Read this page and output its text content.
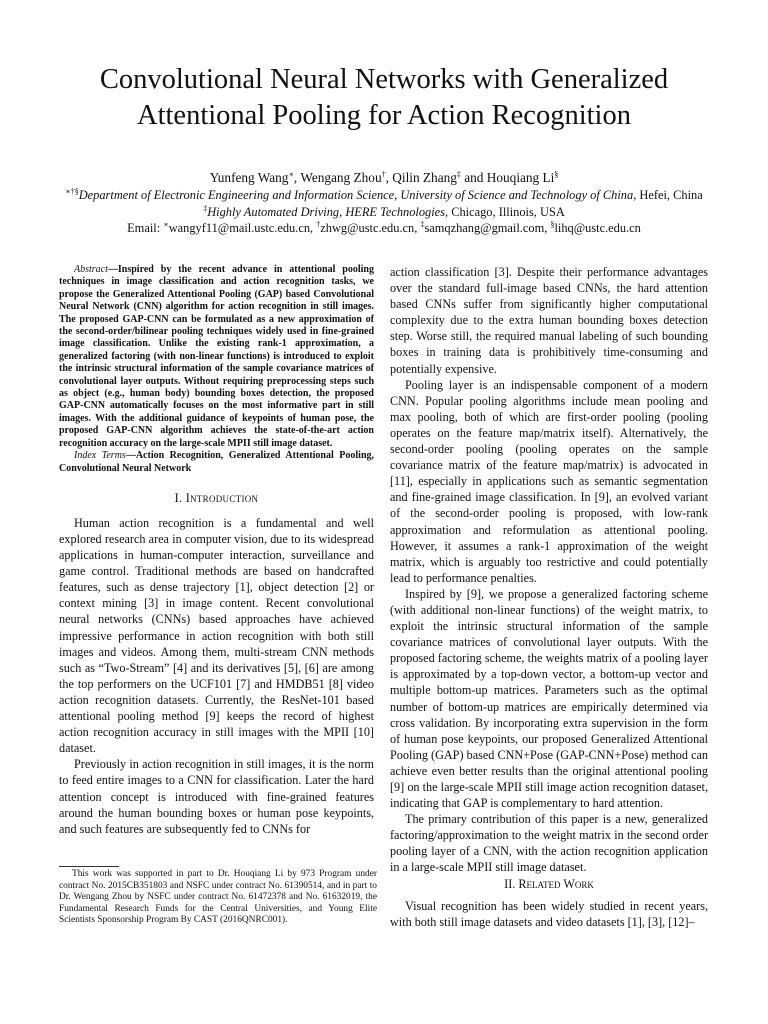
Convolutional Neural Networks with Generalized
Attentional Pooling for Action Recognition
Yunfeng Wang∗, Wengang Zhou†, Qilin Zhang‡ and Houqiang Li§
∗†§Department of Electronic Engineering and Information Science, University of Science and Technology of China, Hefei, China
‡Highly Automated Driving, HERE Technologies, Chicago, Illinois, USA
Email: ∗wangyf11@mail.ustc.edu.cn, †zhwg@ustc.edu.cn, ‡samqzhang@gmail.com, §lihq@ustc.edu.cn

Abstract—Inspired by the recent advance in attentional pooling techniques in image classification and action recognition tasks, we propose the Generalized Attentional Pooling (GAP) based Convolutional Neural Network (CNN) algorithm for action recognition in still images. The proposed GAP-CNN can be formulated as a new approximation of the second-order/bilinear pooling techniques widely used in fine-grained image classification. Unlike the existing rank-1 approximation, a generalized factoring (with non-linear functions) is introduced to exploit the intrinsic structural information of the sample covariance matrices of convolutional layer outputs. Without requiring preprocessing steps such as object (e.g., human body) bounding boxes detection, the proposed GAP-CNN automatically focuses on the most informative part in still images. With the additional guidance of keypoints of human pose, the proposed GAP-CNN algorithm achieves the state-of-the-art action recognition accuracy on the large-scale MPII still image dataset.

Index Terms—Action Recognition, Generalized Attentional Pooling, Convolutional Neural Network

I. Introduction

Human action recognition is a fundamental and well explored research area in computer vision, due to its widespread applications in human-computer interaction, surveillance and game control. Traditional methods are based on handcrafted features, such as dense trajectory [1], object detection [2] or context mining [3] in image content. Recent convolutional neural networks (CNNs) based approaches have achieved impressive performance in action recognition with both still images and videos. Among them, multi-stream CNN methods such as “Two-Stream” [4] and its derivatives [5], [6] are among the top performers on the UCF101 [7] and HMDB51 [8] video action recognition datasets. Currently, the ResNet-101 based attentional pooling method [9] keeps the record of highest action recognition accuracy in still images with the MPII [10] dataset.

Previously in action recognition in still images, it is the norm to feed entire images to a CNN for classification. Later the hard attention concept is introduced with fine-grained features around the human bounding boxes or human pose keypoints, and such features are subsequently fed to CNNs for

This work was supported in part to Dr. Houqiang Li by 973 Program under contract No. 2015CB351803 and NSFC under contract No. 61390514, and in part to Dr. Wengang Zhou by NSFC under contract No. 61472378 and No. 61632019, the Fundamental Research Funds for the Central Universities, and Young Elite Scientists Sponsorship Program By CAST (2016QNRC001).

action classification [3]. Despite their performance advantages over the standard full-image based CNNs, the hard attention based CNNs suffer from significantly higher computational complexity due to the extra human bounding boxes detection step. Worse still, the required manual labeling of such bounding boxes in training data is prohibitively time-consuming and potentially expensive.

Pooling layer is an indispensable component of a modern CNN. Popular pooling algorithms include mean pooling and max pooling, both of which are first-order pooling (pooling operates on the feature map/matrix itself). Alternatively, the second-order pooling (pooling operates on the sample covariance matrix of the feature map/matrix) is advocated in [11], especially in applications such as semantic segmentation and fine-grained image classification. In [9], an evolved variant of the second-order pooling is proposed, with low-rank approximation and reformulation as attentional pooling. However, it assumes a rank-1 approximation of the weight matrix, which is arguably too restrictive and could potentially lead to performance penalties.

Inspired by [9], we propose a generalized factoring scheme (with additional non-linear functions) of the weight matrix, to exploit the intrinsic structural information of the sample covariance matrices of convolutional layer outputs. With the proposed factoring scheme, the weights matrix of a pooling layer is approximated by a top-down vector, a bottom-up vector and multiple bottom-up matrices. Parameters such as the optimal number of bottom-up matrices are empirically determined via cross validation. By incorporating extra supervision in the form of human pose keypoints, our proposed Generalized Attentional Pooling (GAP) based CNN+Pose (GAP-CNN+Pose) method can achieve even better results than the original attentional pooling [9] on the large-scale MPII still image action recognition dataset, indicating that GAP is complementary to hard attention.

The primary contribution of this paper is a new, generalized factoring/approximation to the weight matrix in the second order pooling layer of a CNN, with the action recognition application in a large-scale MPII still image dataset.

II. Related Work

Visual recognition has been widely studied in recent years, with both still image datasets and video datasets [1], [3], [12]–
